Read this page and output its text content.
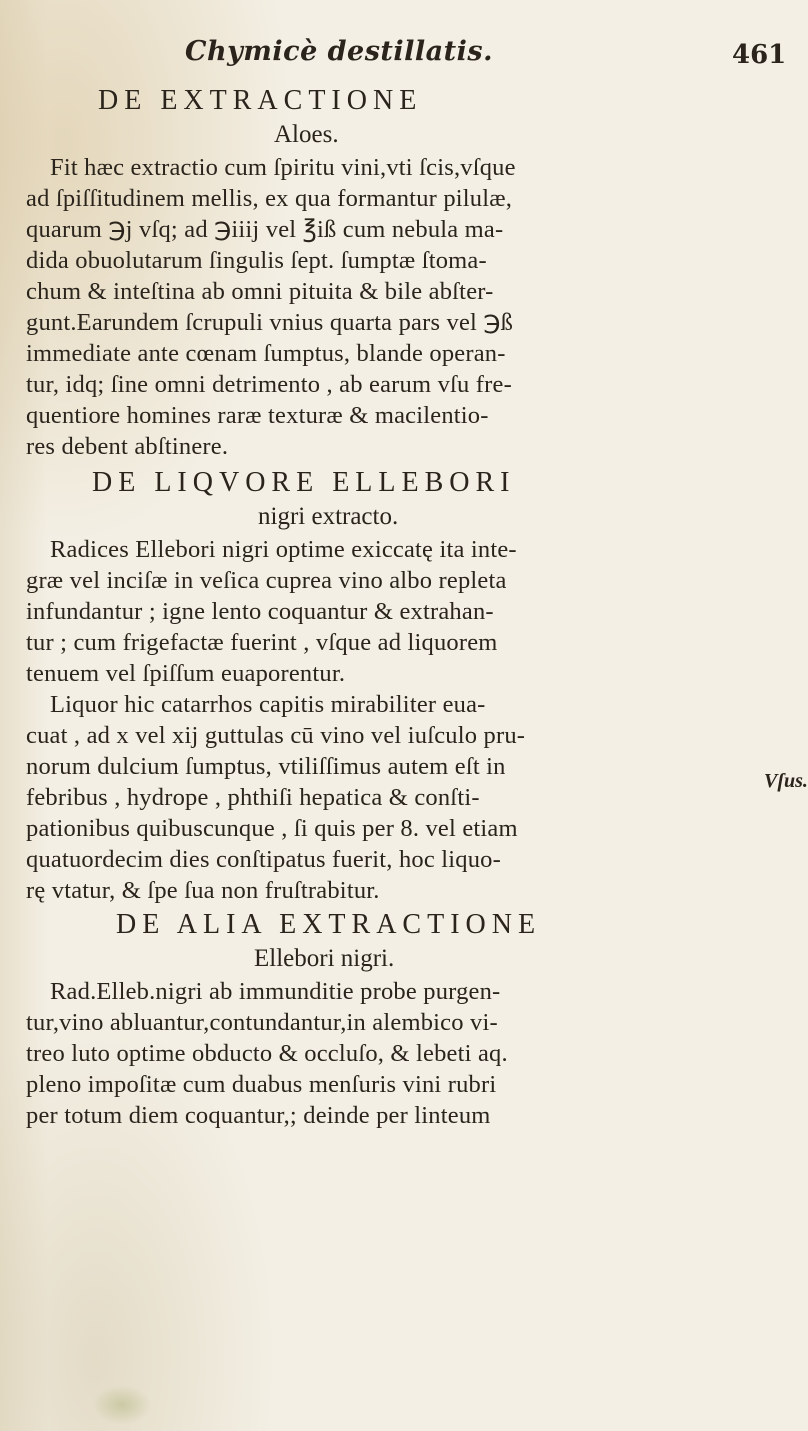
Chymicè destillatis.	461
DE EXTRACTIONE
Aloes.
Fit hæc extractio cum ſpiritu vini,vti ſcis,vſque
ad ſpiſſitudinem mellis, ex qua formantur pilulæ,
quarum ℈j vſq; ad ℈iiij vel ℥iß cum nebula ma-
dida obuolutarum ſingulis ſept. ſumptæ ſtoma-
chum & inteſtina ab omni pituita & bile abſter-
gunt.Earundem ſcrupuli vnius quarta pars vel ℈ß
immediate ante cœnam ſumptus, blande operan-
tur, idq; ſine omni detrimento , ab earum vſu fre-
quentiore homines raræ texturæ & macilentio-
res debent abſtinere.
DE LIQVORE ELLEBORI
nigri extracto.
Radices Ellebori nigri optime exiccatę ita inte-
græ vel inciſæ in veſica cuprea vino albo repleta
infundantur ; igne lento coquantur & extrahan-
tur ; cum frigefactæ fuerint , vſque ad liquorem
tenuem vel ſpiſſum euaporentur.
Liquor hic catarrhos capitis mirabiliter eua-
cuat , ad x vel xij guttulas cū vino vel iuſculo pru-
norum dulcium ſumptus, vtiliſſimus autem eſt in
febribus , hydrope , phthiſi hepatica & conſti-
pationibus quibuscunque , ſi quis per 8. vel etiam
quatuordecim dies conſtipatus fuerit, hoc liquo-
rę vtatur, & ſpe ſua non fruſtrabitur.
DE ALIA EXTRACTIONE
Ellebori nigri.
Rad.Elleb.nigri ab immunditie probe purgen-
tur,vino abluantur,contundantur,in alembico vi-
treo luto optime obducto & occluſo, & lebeti aq.
pleno impoſitæ cum duabus menſuris vini rubri
per totum diem coquantur,; deinde per linteum
Vſus.
